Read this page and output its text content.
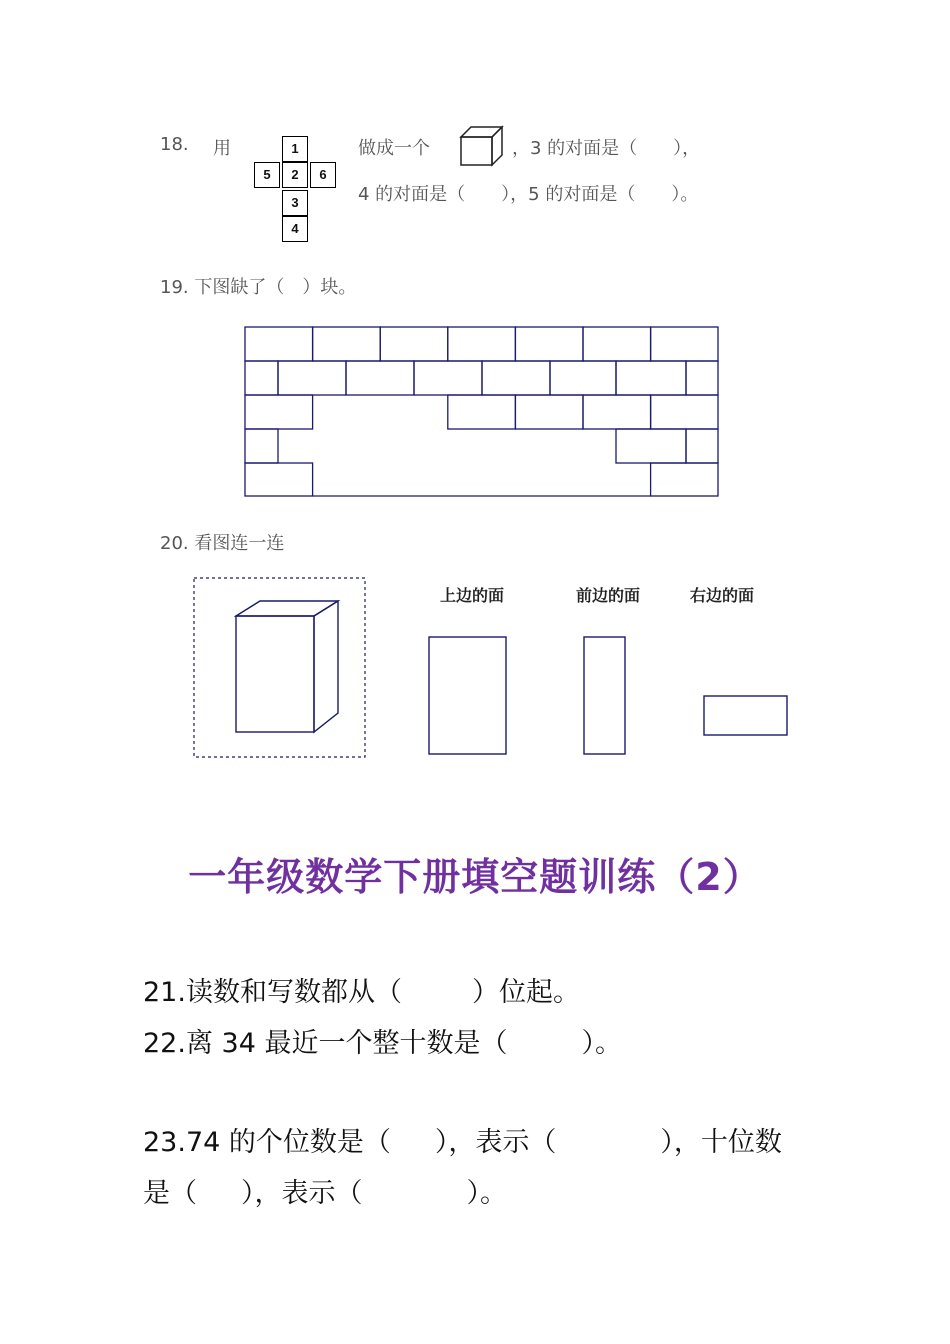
18. 用	1
5	2	6
3
4
做成一个	，3 的对面是（　　），
4 的对面是（　　），5 的对面是（　　）。
19. 下图缺了（　）块。
20. 看图连一连
上边的面	前边的面	右边的面
一年级数学下册填空题训练（2）
21.读数和写数都从（	）位起。
22.离 34 最近一个整十数是（	）。
23.74 的个位数是（ ），表示（	），十位数
是（ ），表示（	）。
